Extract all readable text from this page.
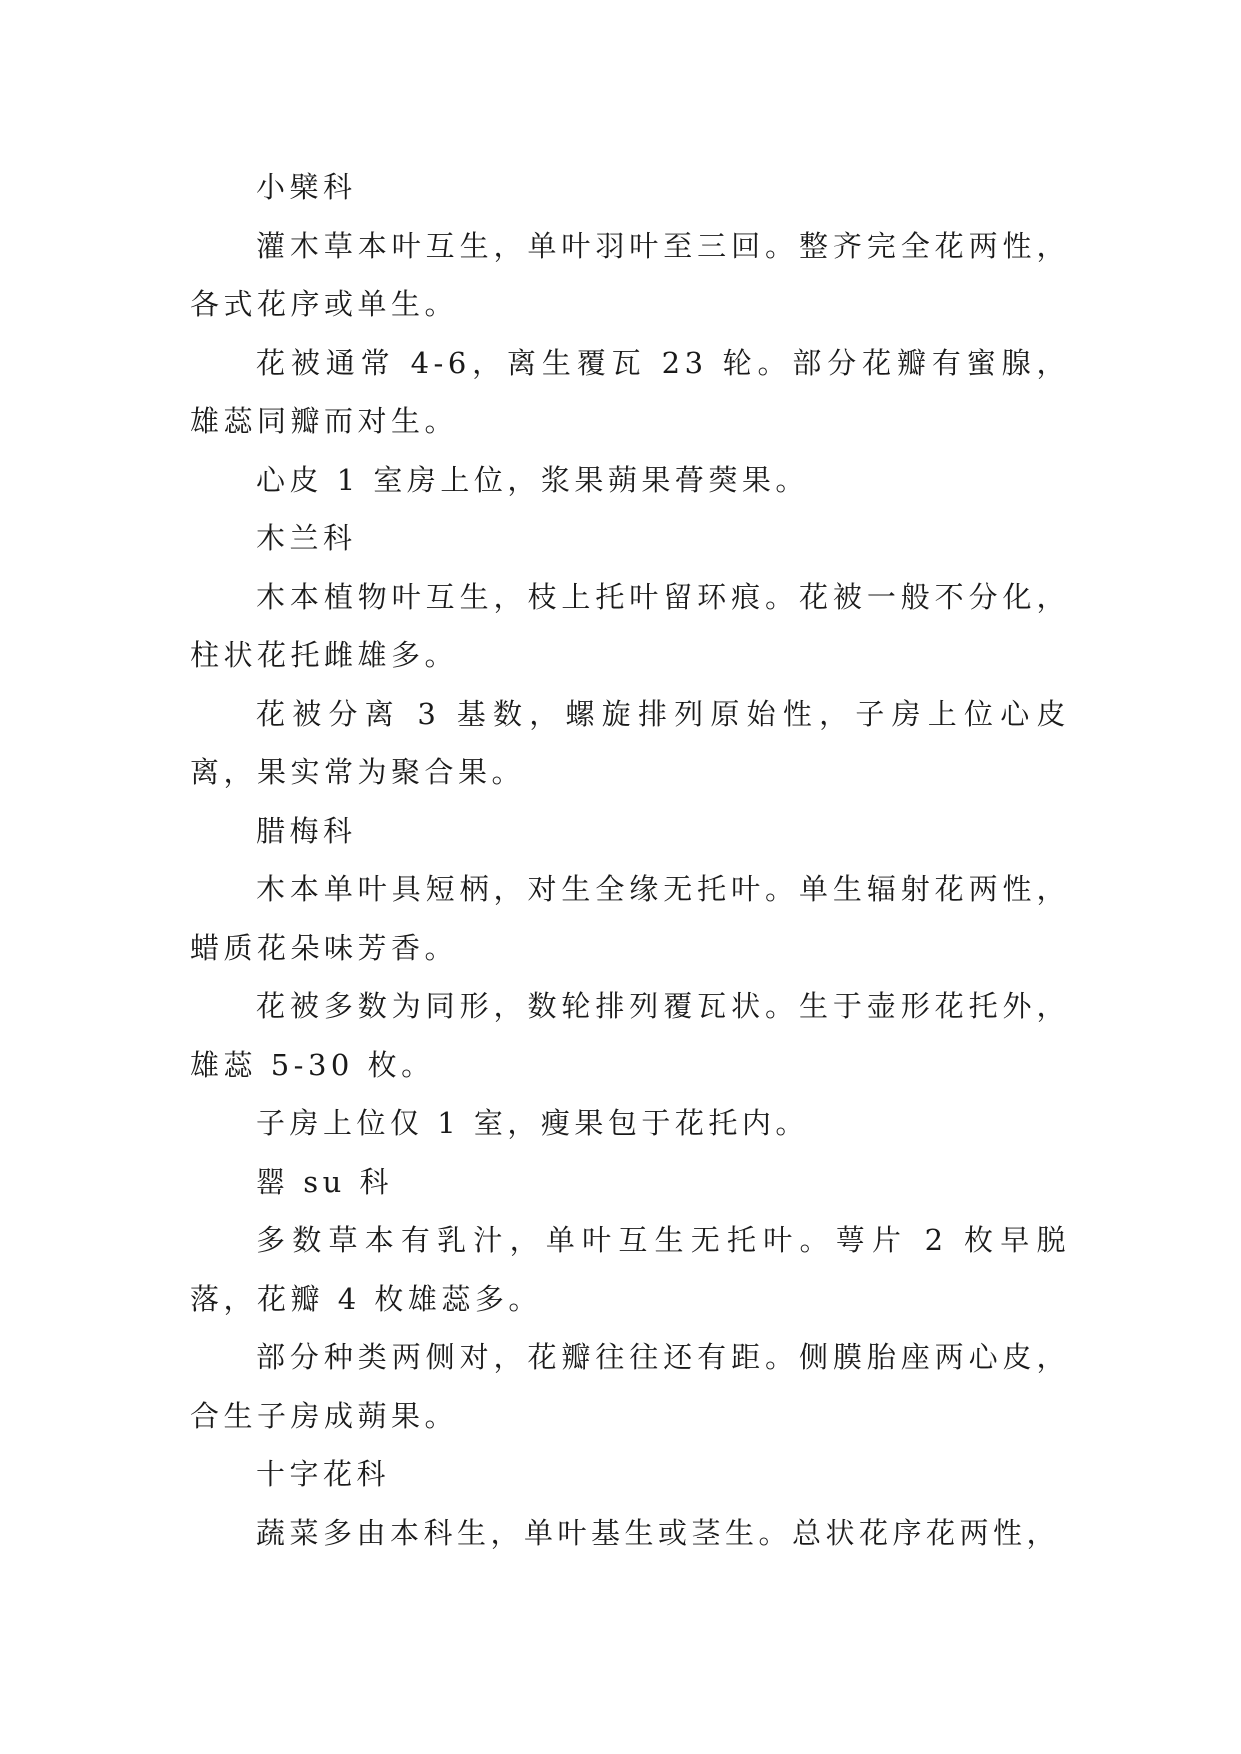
小檗科

灌木草本叶互生，单叶羽叶至三回。整齐完全花两性，各式花序或单生。

花被通常 4-6，离生覆瓦 23 轮。部分花瓣有蜜腺，雄蕊同瓣而对生。

心皮 1 室房上位，浆果蒴果蓇葖果。

木兰科

木本植物叶互生，枝上托叶留环痕。花被一般不分化，柱状花托雌雄多。

花被分离 3 基数，螺旋排列原始性，子房上位心皮离，果实常为聚合果。

腊梅科

木本单叶具短柄，对生全缘无托叶。单生辐射花两性，蜡质花朵味芳香。

花被多数为同形，数轮排列覆瓦状。生于壶形花托外，雄蕊 5-30 枚。

子房上位仅 1 室，瘦果包于花托内。

罂 su 科

多数草本有乳汁，单叶互生无托叶。萼片 2 枚早脱落，花瓣 4 枚雄蕊多。

部分种类两侧对，花瓣往往还有距。侧膜胎座两心皮，合生子房成蒴果。

十字花科

蔬菜多由本科生，单叶基生或茎生。总状花序花两性，
